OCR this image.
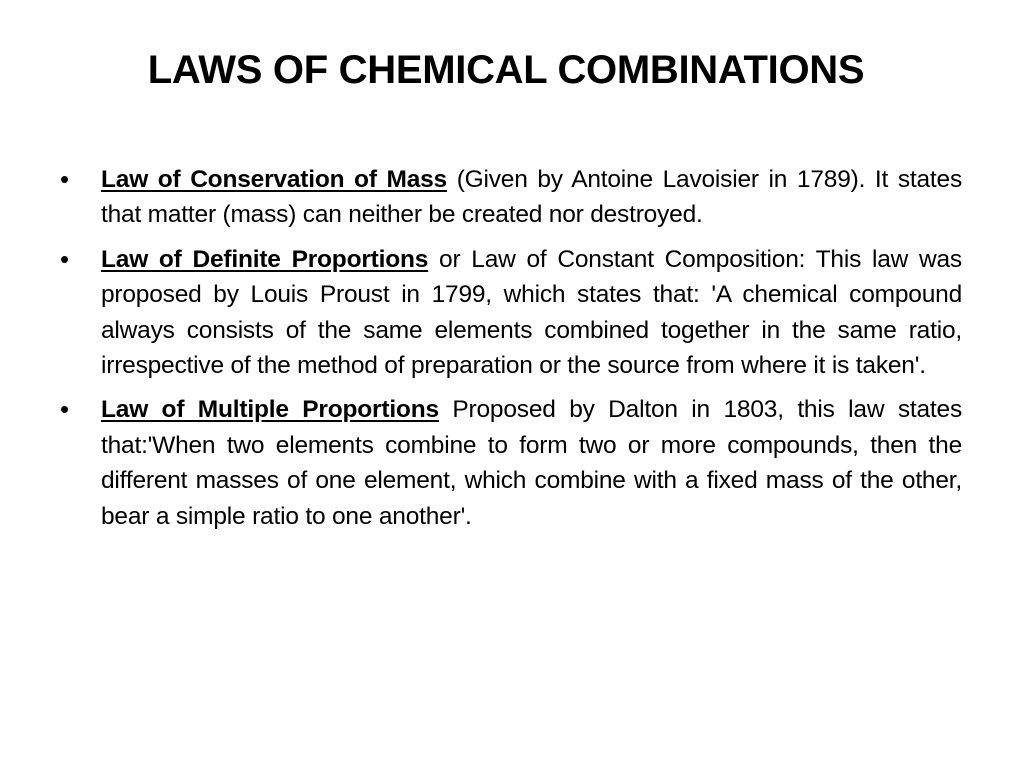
LAWS OF CHEMICAL COMBINATIONS
•	Law of Conservation of Mass (Given by Antoine Lavoisier in 1789). It states that matter (mass) can neither be created nor destroyed.
•	Law of Definite Proportions or Law of Constant Composition: This law was proposed by Louis Proust in 1799, which states that: 'A chemical compound always consists of the same elements combined together in the same ratio, irrespective of the method of preparation or the source from where it is taken'.
•	Law of Multiple Proportions Proposed by Dalton in 1803, this law states that:'When two elements combine to form two or more compounds, then the different masses of one element, which combine with a fixed mass of the other, bear a simple ratio to one another'.
